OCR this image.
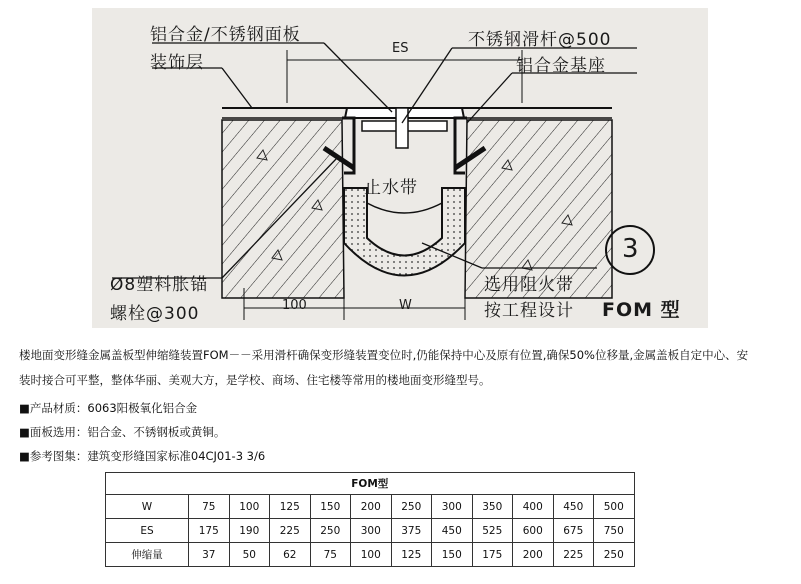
铝合金/不锈钢面板
装饰层
ES	不锈钢滑杆@500
铝合金基座
止水带
Ø8塑料胀锚
螺栓@300	100	W
选用阻火带
按工程设计
3
FOM 型
楼地面变形缝金属盖板型伸缩缝装置FOM－－采用滑杆确保变形缝装置变位时,仍能保持中心及原有位置,确保50%位移量,金属盖板自定中心、安
装时接合可平整，整体华丽、美观大方，是学校、商场、住宅楼等常用的楼地面变形缝型号。
■产品材质：6063阳极氧化铝合金
■面板选用：铝合金、不锈钢板或黄铜。
■参考图集：建筑变形缝国家标准04CJ01-3 3/6
FOM型											
W	75	100	125	150	200	250	300	350	400	450	500
ES	175	190	225	250	300	375	450	525	600	675	750
伸缩量	37	50	62	75	100	125	150	175	200	225	250
